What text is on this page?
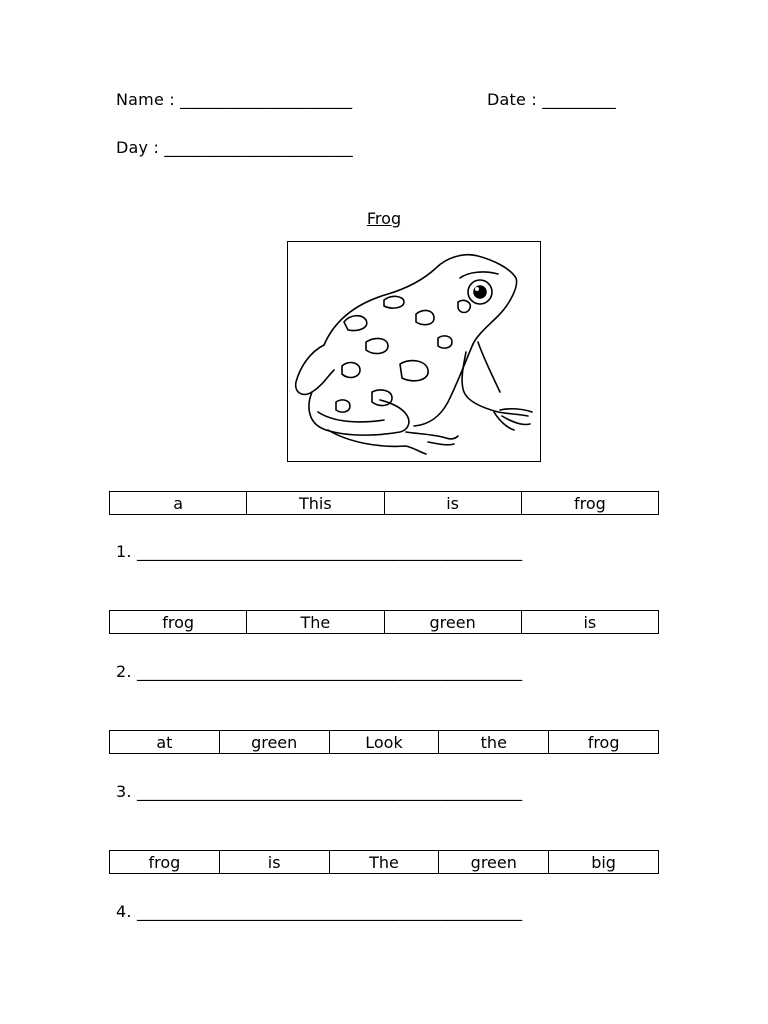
Name : _____________________	Date : _________
Day : _______________________
Frog
a	This	is	frog
1. _______________________________________________
frog	The	green	is
2. _______________________________________________
at	green	Look	the	frog
3. _______________________________________________
frog	is	The	green	big
4. _______________________________________________
